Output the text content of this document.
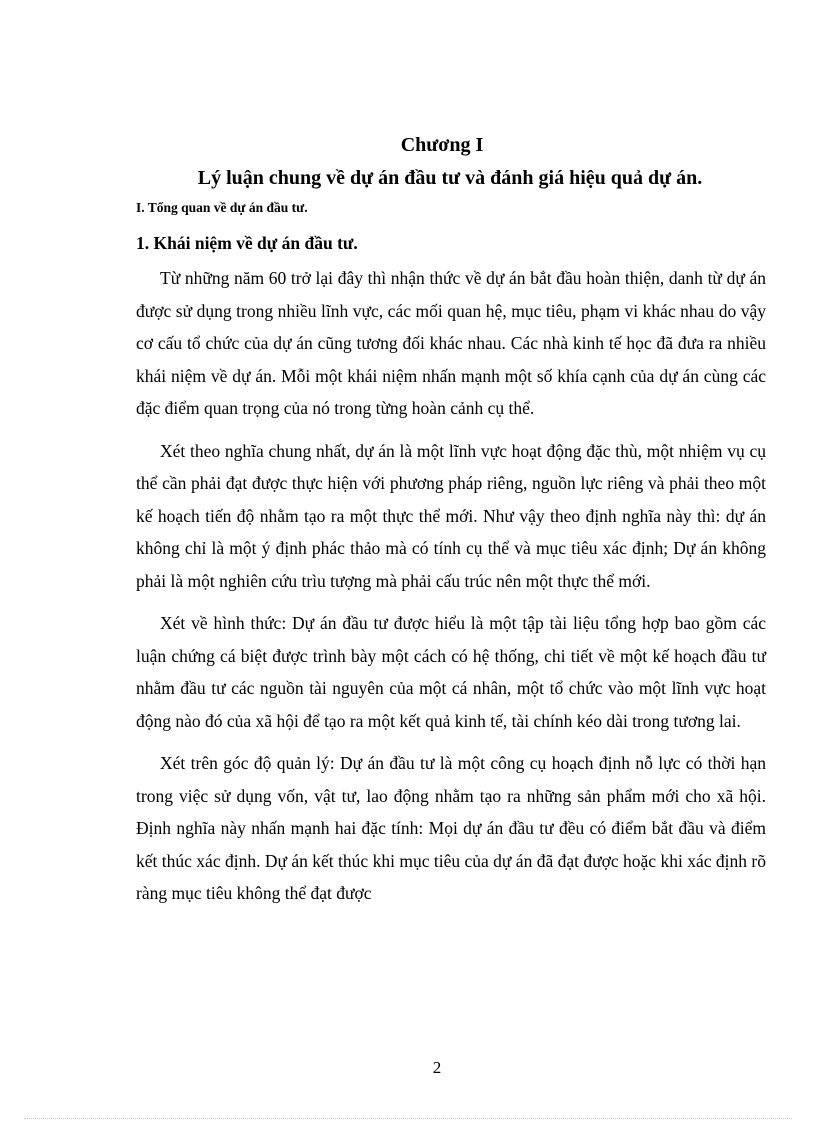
Chương I
Lý luận chung về dự án đầu tư và đánh giá hiệu quả dự án.
I. Tổng quan về dự án đầu tư.
1. Khái niệm về dự án đầu tư.

Từ những năm 60 trở lại đây thì nhận thức về dự án bắt đầu hoàn thiện, danh từ dự án được sử dụng trong nhiều lĩnh vực, các mối quan hệ, mục tiêu, phạm vi khác nhau do vậy cơ cấu tổ chức của dự án cũng tương đối khác nhau. Các nhà kinh tế học đã đưa ra nhiều khái niệm về dự án. Mỗi một khái niệm nhấn mạnh một số khía cạnh của dự án cùng các đặc điểm quan trọng của nó trong từng hoàn cảnh cụ thể.

Xét theo nghĩa chung nhất, dự án là một lĩnh vực hoạt động đặc thù, một nhiệm vụ cụ thể cần phải đạt được thực hiện với phương pháp riêng, nguồn lực riêng và phải theo một kế hoạch tiến độ nhằm tạo ra một thực thể mới. Như vậy theo định nghĩa này thì: dự án không chỉ là một ý định phác thảo mà có tính cụ thể và mục tiêu xác định; Dự án không phải là một nghiên cứu trìu tượng mà phải cấu trúc nên một thực thể mới.

Xét về hình thức: Dự án đầu tư được hiểu là một tập tài liệu tổng hợp bao gồm các luận chứng cá biệt được trình bày một cách có hệ thống, chi tiết về một kế hoạch đầu tư nhằm đầu tư các nguồn tài nguyên của một cá nhân, một tổ chức vào một lĩnh vực hoạt động nào đó của xã hội để tạo ra một kết quả kinh tế, tài chính kéo dài trong tương lai.

Xét trên góc độ quản lý: Dự án đầu tư là một công cụ hoạch định nỗ lực có thời hạn trong việc sử dụng vốn, vật tư, lao động nhằm tạo ra những sản phẩm mới cho xã hội. Định nghĩa này nhấn mạnh hai đặc tính: Mọi dự án đầu tư đều có điểm bắt đầu và điểm kết thúc xác định. Dự án kết thúc khi mục tiêu của dự án đã đạt được hoặc khi xác định rõ ràng mục tiêu không thể đạt được

2
